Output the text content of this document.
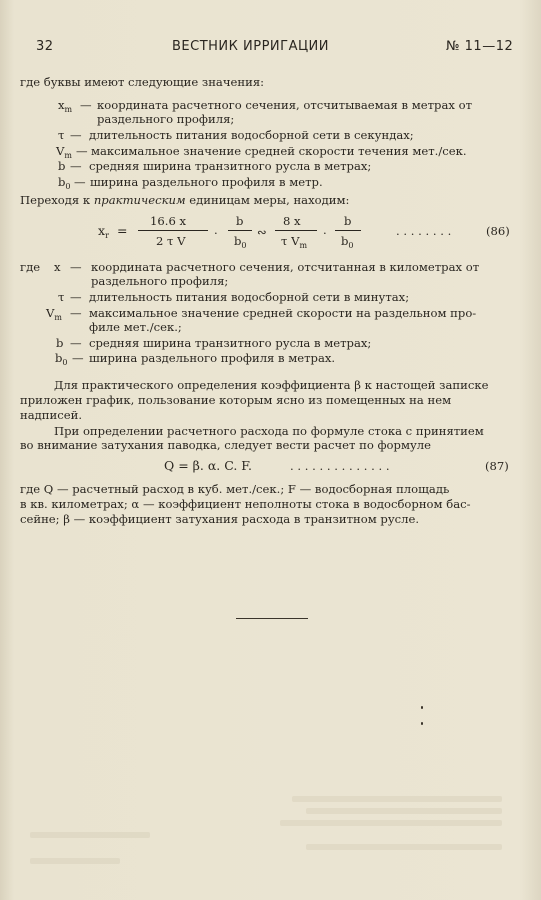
32	ВЕСТНИК ИРРИГАЦИИ	№ 11—12
где буквы имеют следующие значения:
$x_m$ — координата расчетного сечения, отсчитываемая в метрах от
раздельного профиля;
τ — длительность питания водосборной сети в секундах;
$V_m$ — максимальное значение средней скорости течения мет./сек.
b — средняя ширина транзитного русла в метрах;
$b_0$ — ширина раздельного профиля в метр.
Переходя к практическим единицам меры, находим:
$x_r$ =
16.6 x
2 τ V
·
b
$b_0$
∾
8 x
τ $V_m$
·
b
$b_0$
. . . . . . . .	(86)
где x — координата расчетного сечения, отсчитанная в километрах от
раздельного профиля;
τ — длительность питания водосборной сети в минутах;
$V_m$ — максимальное значение средней скорости на раздельном про-
филе мет./сек.;
b — средняя ширина транзитного русла в метрах;
$b_0$ — ширина раздельного профиля в метрах.
Для практического определения коэффициента β к настощей записке
приложен график, пользование которым ясно из помещенных на нем
надписей.
При определении расчетного расхода по формуле стока с принятием
во внимание затухания паводка, следует вести расчет по формуле
Q = β. α. C. F.	. . . . . . . . . . . . . .	(87)
где Q — расчетный расход в куб. мет./сек.; F — водосборная площадь
в кв. километрах; α — коэффициент неполноты стока в водосборном бас-
сейне; β — коэффициент затухания расхода в транзитном русле.
